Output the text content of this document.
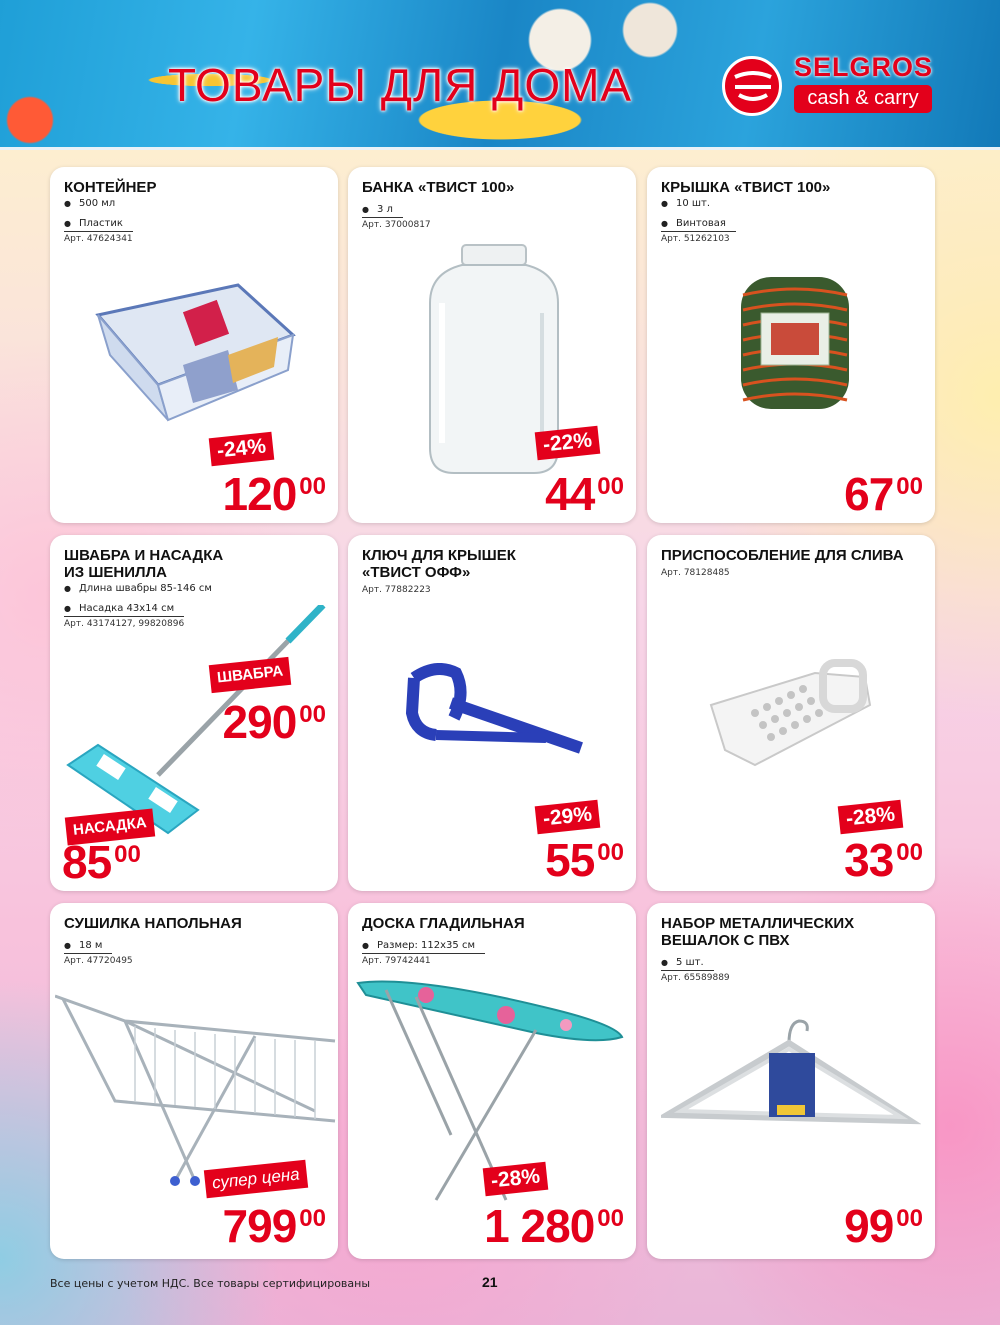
ТОВАРЫ ДЛЯ ДОМА	SELGROS
cash & carry
КОНТЕЙНЕР
● 500 мл
● Пластик
Арт. 47624341
-24%
120 00
БАНКА «ТВИСТ 100»
● 3 л
Арт. 37000817
-22%
44 00
КРЫШКА «ТВИСТ 100»
● 10 шт.
● Винтовая
Арт. 51262103
67 00
ШВАБРА И НАСАДКА
ИЗ ШЕНИЛЛА
● Длина швабры 85-146 см
● Насадка 43х14 см
Арт. 43174127, 99820896
ШВАБРА
290 00
НАСАДКА
85 00
КЛЮЧ ДЛЯ КРЫШЕК
«ТВИСТ ОФФ»
Арт. 77882223
-29%
55 00
ПРИСПОСОБЛЕНИЕ ДЛЯ СЛИВА
Арт. 78128485
-28%
33 00
СУШИЛКА НАПОЛЬНАЯ
● 18 м
Арт. 47720495
супер цена
799 00
ДОСКА ГЛАДИЛЬНАЯ
● Размер: 112х35 см
Арт. 79742441
-28%
1 280 00
НАБОР МЕТАЛЛИЧЕСКИХ
ВЕШАЛОК С ПВХ
● 5 шт.
Арт. 65589889
99 00
Все цены с учетом НДС. Все товары сертифицированы	21
